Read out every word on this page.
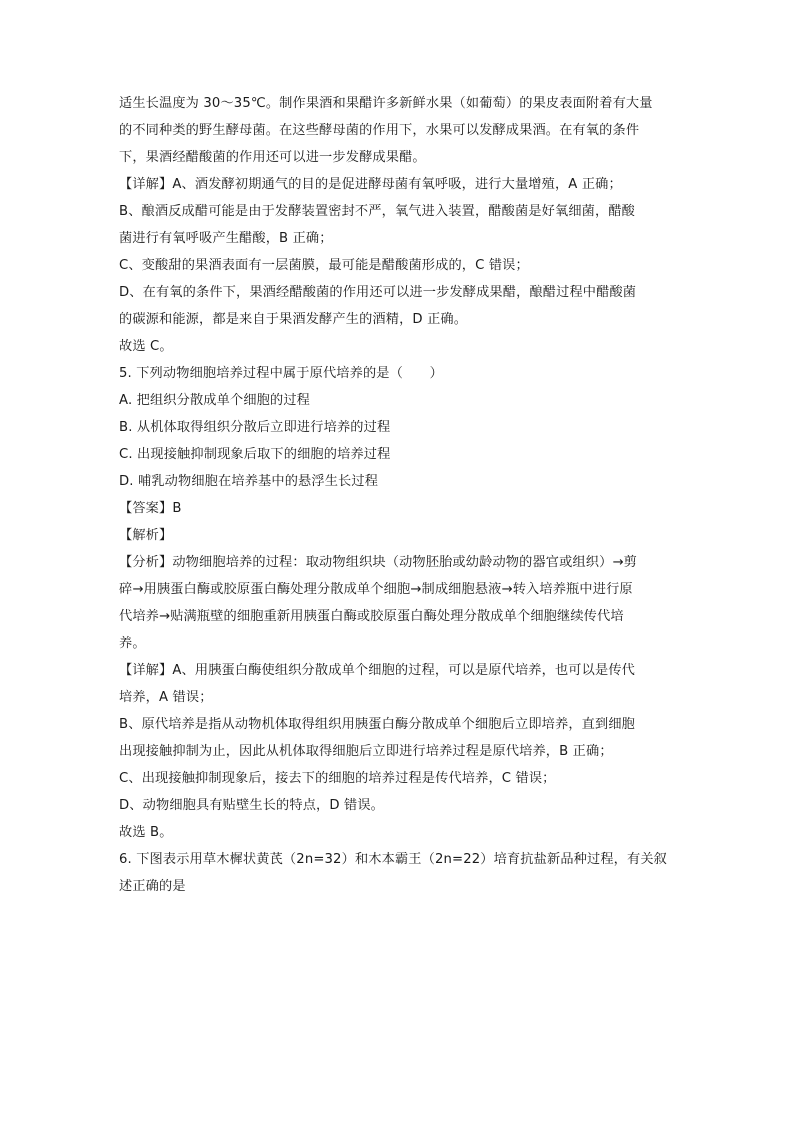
适生长温度为 30～35℃。制作果酒和果醋许多新鲜水果（如葡萄）的果皮表面附着有大量
的不同种类的野生酵母菌。在这些酵母菌的作用下，水果可以发酵成果酒。在有氧的条件
下，果酒经醋酸菌的作用还可以进一步发酵成果醋。
【详解】A、酒发酵初期通气的目的是促进酵母菌有氧呼吸，进行大量增殖，A 正确；
B、酿酒反成醋可能是由于发酵装置密封不严，氧气进入装置，醋酸菌是好氧细菌，醋酸
菌进行有氧呼吸产生醋酸，B 正确；
C、变酸甜的果酒表面有一层菌膜，最可能是醋酸菌形成的，C 错误；
D、在有氧的条件下，果酒经醋酸菌的作用还可以进一步发酵成果醋，酿醋过程中醋酸菌
的碳源和能源，都是来自于果酒发酵产生的酒精，D 正确。
故选 C。
5. 下列动物细胞培养过程中属于原代培养的是（　　）
A. 把组织分散成单个细胞的过程
B. 从机体取得组织分散后立即进行培养的过程
C. 出现接触抑制现象后取下的细胞的培养过程
D. 哺乳动物细胞在培养基中的悬浮生长过程
【答案】B
【解析】
【分析】动物细胞培养的过程：取动物组织块（动物胚胎或幼龄动物的器官或组织）→剪
碎→用胰蛋白酶或胶原蛋白酶处理分散成单个细胞→制成细胞悬液→转入培养瓶中进行原
代培养→贴满瓶壁的细胞重新用胰蛋白酶或胶原蛋白酶处理分散成单个细胞继续传代培
养。
【详解】A、用胰蛋白酶使组织分散成单个细胞的过程，可以是原代培养，也可以是传代
培养，A 错误；
B、原代培养是指从动物机体取得组织用胰蛋白酶分散成单个细胞后立即培养，直到细胞
出现接触抑制为止，因此从机体取得细胞后立即进行培养过程是原代培养，B 正确；
C、出现接触抑制现象后，接去下的细胞的培养过程是传代培养，C 错误；
D、动物细胞具有贴壁生长的特点，D 错误。
故选 B。
6. 下图表示用草木樨状黄芪（2n=32）和木本霸王（2n=22）培育抗盐新品种过程，有关叙
述正确的是
